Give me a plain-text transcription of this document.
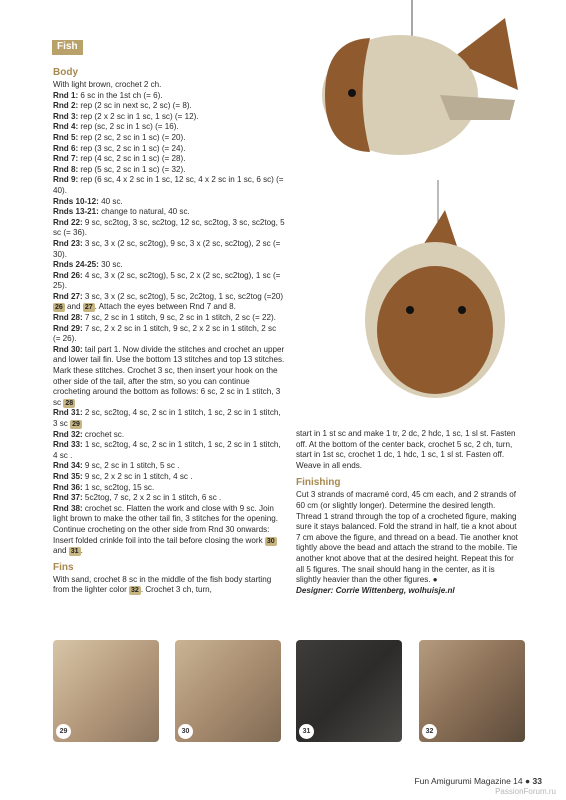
Fish
Body

With light brown, crochet 2 ch.

Rnd 1: 6 sc in the 1st ch (= 6).

Rnd 2: rep (2 sc in next sc, 2 sc) (= 8).

Rnd 3: rep (2 x 2 sc in 1 sc, 1 sc) (= 12).

Rnd 4: rep (sc, 2 sc in 1 sc) (= 16).

Rnd 5: rep (2 sc, 2 sc in 1 sc) (= 20).

Rnd 6: rep (3 sc, 2 sc in 1 sc) (= 24).

Rnd 7: rep (4 sc, 2 sc in 1 sc) (= 28).

Rnd 8: rep (5 sc, 2 sc in 1 sc) (= 32).

Rnd 9: rep (6 sc, 4 x 2 sc in 1 sc, 12 sc, 4 x 2 sc in 1 sc, 6 sc) (= 40).

Rnds 10-12: 40 sc.

Rnds 13-21: change to natural, 40 sc.

Rnd 22: 9 sc, sc2tog, 3 sc, sc2tog, 12 sc, sc2tog, 3 sc, sc2tog, 5 sc (= 36).

Rnd 23: 3 sc, 3 x (2 sc, sc2tog), 9 sc, 3 x (2 sc, sc2tog), 2 sc (= 30).

Rnds 24-25: 30 sc.

Rnd 26: 4 sc, 3 x (2 sc, sc2tog), 5 sc, 2 x (2 sc, sc2tog), 1 sc (= 25).

Rnd 27: 3 sc, 3 x (2 sc, sc2tog), 5 sc, 2c2tog, 1 sc, sc2tog (=20) 26 and 27 . Attach the eyes between Rnd 7 and 8.

Rnd 28: 7 sc, 2 sc in 1 stitch, 9 sc, 2 sc in 1 stitch, 2 sc (= 22).

Rnd 29: 7 sc, 2 x 2 sc in 1 stitch, 9 sc, 2 x 2 sc in 1 stitch, 2 sc (= 26).

Rnd 30: tail part 1. Now divide the stitches and crochet an upper and lower tail fin. Use the bottom 13 stitches and top 13 stitches. Mark these stitches. Crochet 3 sc, then insert your hook on the other side of the tail, after the stm, so you can continue crocheting around the bottom as follows: 6 sc, 2 sc in 1 stitch, 3 sc 28

Rnd 31: 2 sc, sc2tog, 4 sc, 2 sc in 1 stitch, 1 sc, 2 sc in 1 stitch, 3 sc 29

Rnd 32: crochet sc.

Rnd 33: 1 sc, sc2tog, 4 sc, 2 sc in 1 stitch, 1 sc, 2 sc in 1 stitch, 4 sc .

Rnd 34: 9 sc, 2 sc in 1 stitch, 5 sc .

Rnd 35: 9 sc, 2 x 2 sc in 1 stitch, 4 sc .

Rnd 36: 1 sc, sc2tog, 15 sc.

Rnd 37: 5c2tog, 7 sc, 2 x 2 sc in 1 stitch, 6 sc .

Rnd 38: crochet sc. Flatten the work and close with 9 sc. Join light brown to make the other tail fin, 3 stitches for the opening. Continue crocheting on the other side from Rnd 30 onwards: Insert folded crinkle foil into the tail before closing the work 30 and 31 .

Fins

With sand, crochet 8 sc in the middle of the fish body starting from the lighter color 32 . Crochet 3 ch, turn,

start in 1 st sc and make 1 tr, 2 dc, 2 hdc, 1 sc, 1 sl st. Fasten off. At the bottom of the center back, crochet 5 sc, 2 ch, turn, start in 1st sc, crochet 1 dc, 1 hdc, 1 sc, 1 sl st. Fasten off. Weave in all ends.

Finishing

Cut 3 strands of macramé cord, 45 cm each, and 2 strands of 60 cm (or slightly longer). Determine the desired length. Thread 1 strand through the top of a crocheted figure, making sure it stays balanced. Fold the strand in half, tie a knot about 7 cm above the figure, and thread on a bead. Tie another knot tightly above the bead and attach the strand to the mobile. Tie another knot above that at the desired height. Repeat this for all 5 figures. The snail should hang in the center, as it is slightly heavier than the other figures. ●

Designer: Corrie Wittenberg, wolhuisje.nl

29	30	31	32
Fun Amigurumi Magazine 14 ● 33
PassionForum.ru
